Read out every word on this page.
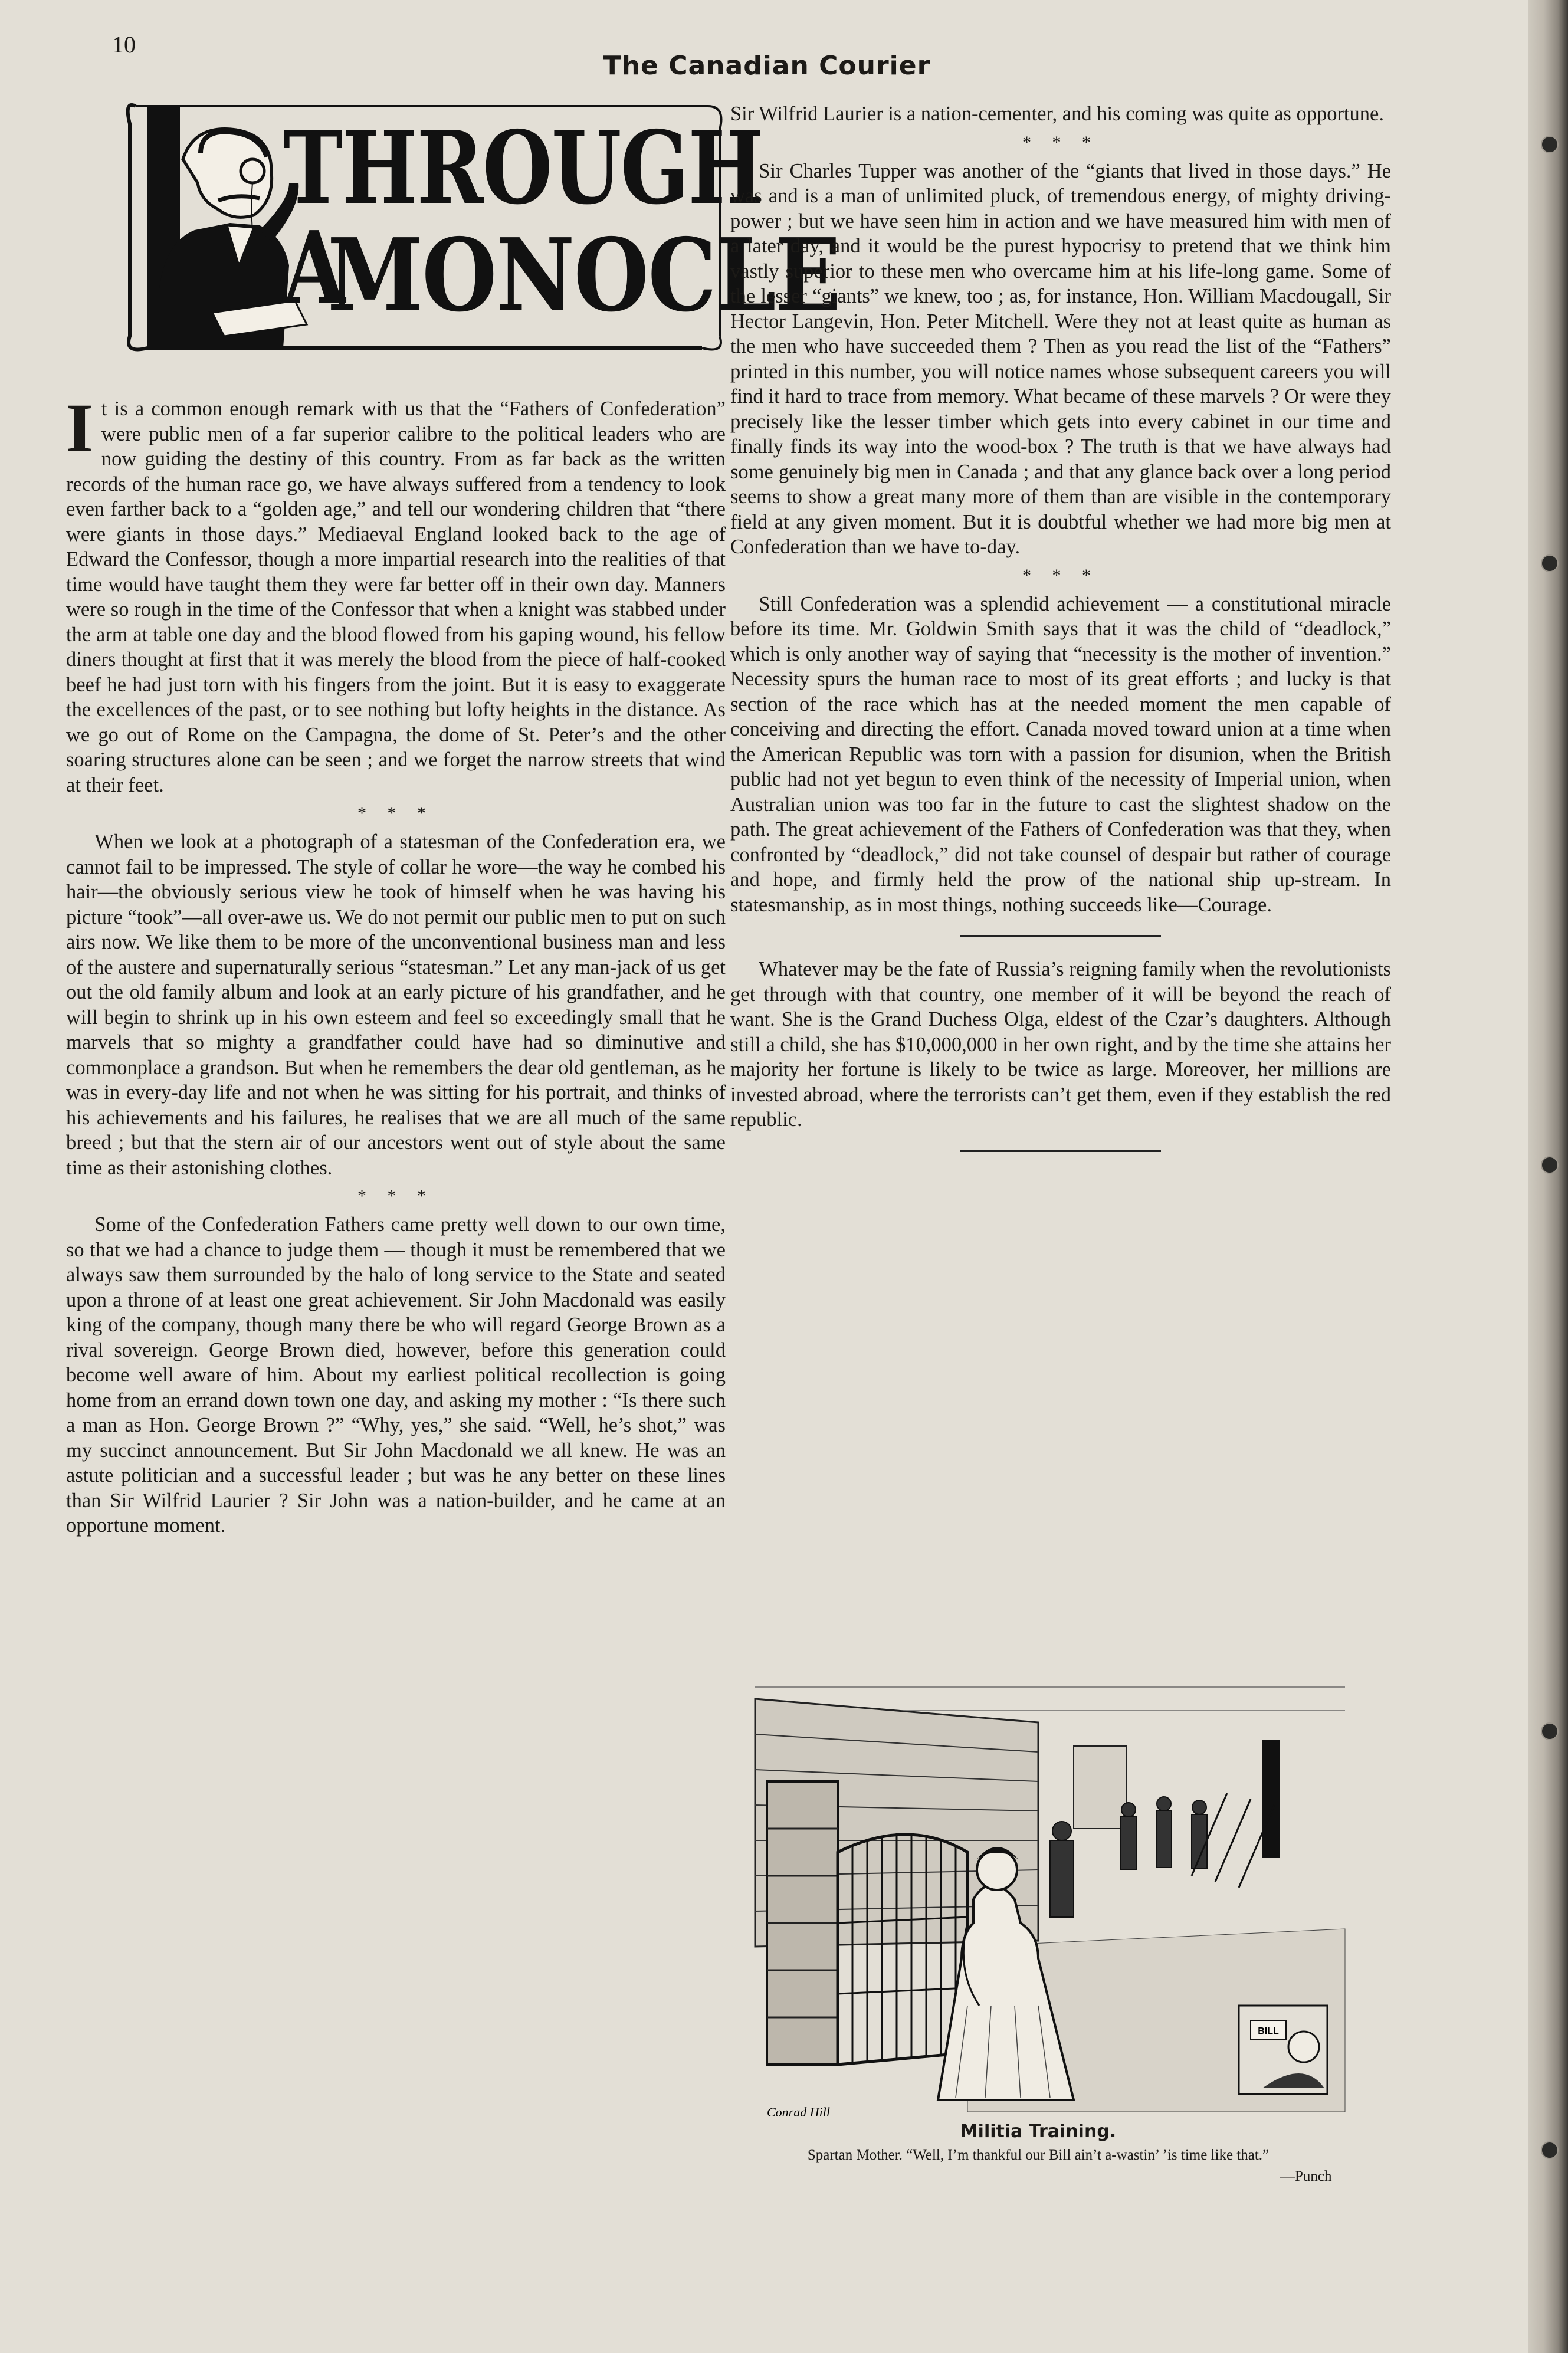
10
The Canadian Courier
THROUGH A
MONOCLE

It is a common enough remark with us that the “Fathers of Confederation” were public men of a far superior calibre to the political leaders who are now guiding the destiny of this country. From as far back as the written records of the human race go, we have always suffered from a tendency to look even farther back to a “golden age,” and tell our wondering children that “there were giants in those days.” Mediaeval England looked back to the age of Edward the Confessor, though a more impartial research into the realities of that time would have taught them they were far better off in their own day. Manners were so rough in the time of the Confessor that when a knight was stabbed under the arm at table one day and the blood flowed from his gaping wound, his fellow diners thought at first that it was merely the blood from the piece of half-cooked beef he had just torn with his fingers from the joint. But it is easy to exaggerate the excellences of the past, or to see nothing but lofty heights in the distance. As we go out of Rome on the Campagna, the dome of St. Peter’s and the other soaring structures alone can be seen ; and we forget the narrow streets that wind at their feet.

* * *

When we look at a photograph of a statesman of the Confederation era, we cannot fail to be impressed. The style of collar he wore—the way he combed his hair—the obviously serious view he took of himself when he was having his picture “took”—all over-awe us. We do not permit our public men to put on such airs now. We like them to be more of the unconventional business man and less of the austere and supernaturally serious “statesman.” Let any man-jack of us get out the old family album and look at an early picture of his grandfather, and he will begin to shrink up in his own esteem and feel so exceedingly small that he marvels that so mighty a grandfather could have had so diminutive and commonplace a grandson. But when he remembers the dear old gentleman, as he was in every-day life and not when he was sitting for his portrait, and thinks of his achievements and his failures, he realises that we are all much of the same breed ; but that the stern air of our ancestors went out of style about the same time as their astonishing clothes.

* * *

Some of the Confederation Fathers came pretty well down to our own time, so that we had a chance to judge them — though it must be remembered that we always saw them surrounded by the halo of long service to the State and seated upon a throne of at least one great achievement. Sir John Macdonald was easily king of the company, though many there be who will regard George Brown as a rival sovereign. George Brown died, however, before this generation could become well aware of him. About my earliest political recollection is going home from an errand down town one day, and asking my mother : “Is there such a man as Hon. George Brown ?” “Why, yes,” she said. “Well, he’s shot,” was my succinct announcement. But Sir John Macdonald we all knew. He was an astute politician and a successful leader ; but was he any better on these lines than Sir Wilfrid Laurier ? Sir John was a nation-builder, and he came at an opportune moment.

Sir Wilfrid Laurier is a nation-cementer, and his coming was quite as opportune.

* * *

Sir Charles Tupper was another of the “giants that lived in those days.” He was and is a man of unlimited pluck, of tremendous energy, of mighty driving-power ; but we have seen him in action and we have measured him with men of a later day, and it would be the purest hypocrisy to pretend that we think him vastly superior to these men who overcame him at his life-long game. Some of the lesser “giants” we knew, too ; as, for instance, Hon. William Macdougall, Sir Hector Langevin, Hon. Peter Mitchell. Were they not at least quite as human as the men who have succeeded them ? Then as you read the list of the “Fathers” printed in this number, you will notice names whose subsequent careers you will find it hard to trace from memory. What became of these marvels ? Or were they precisely like the lesser timber which gets into every cabinet in our time and finally finds its way into the wood-box ? The truth is that we have always had some genuinely big men in Canada ; and that any glance back over a long period seems to show a great many more of them than are visible in the contemporary field at any given moment. But it is doubtful whether we had more big men at Confederation than we have to-day.

* * *

Still Confederation was a splendid achievement — a constitutional miracle before its time. Mr. Goldwin Smith says that it was the child of “deadlock,” which is only another way of saying that “necessity is the mother of invention.” Necessity spurs the human race to most of its great efforts ; and lucky is that section of the race which has at the needed moment the men capable of conceiving and directing the effort. Canada moved toward union at a time when the American Republic was torn with a passion for disunion, when the British public had not yet begun to even think of the necessity of Imperial union, when Australian union was too far in the future to cast the slightest shadow on the path. The great achievement of the Fathers of Confederation was that they, when confronted by “deadlock,” did not take counsel of despair but rather of courage and hope, and firmly held the prow of the national ship up-stream. In statesmanship, as in most things, nothing succeeds like—Courage.

Whatever may be the fate of Russia’s reigning family when the revolutionists get through with that country, one member of it will be beyond the reach of want. She is the Grand Duchess Olga, eldest of the Czar’s daughters. Although still a child, she has $10,000,000 in her own right, and by the time she attains her majority her fortune is likely to be twice as large. Moreover, her millions are invested abroad, where the terrorists can’t get them, even if they establish the red republic.

BILL
Conrad Hill
Militia Training.
Spartan Mother. “Well, I’m thankful our Bill ain’t a-wastin’ ’is time like that.”
—Punch
